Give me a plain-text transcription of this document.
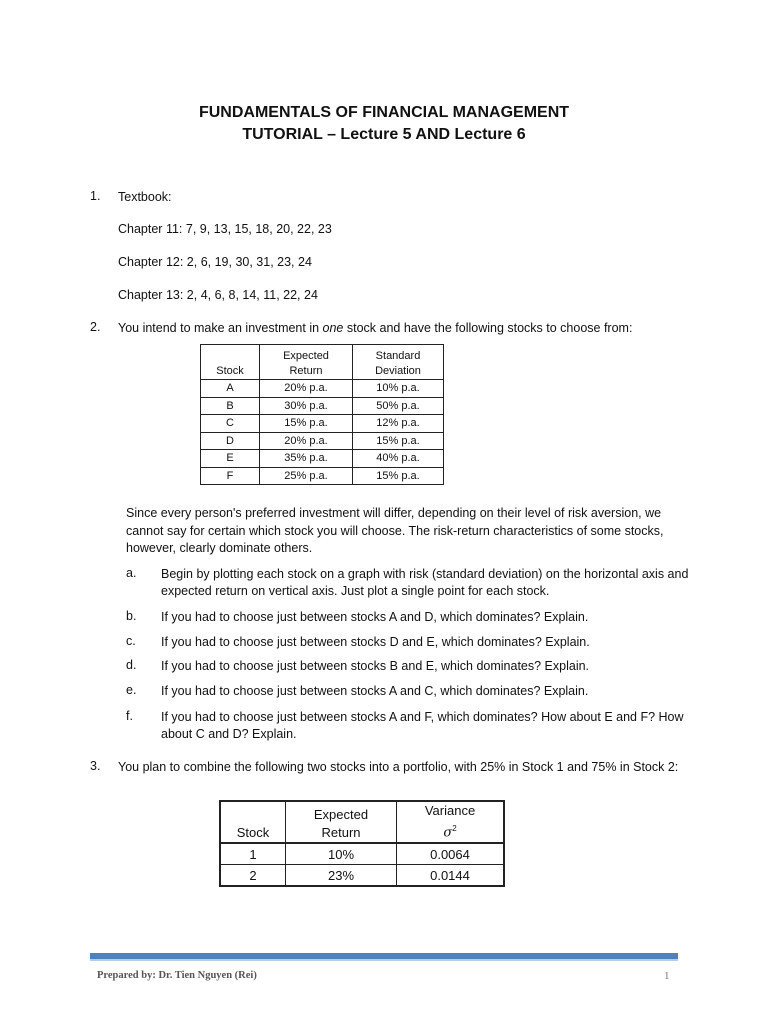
FUNDAMENTALS OF FINANCIAL MANAGEMENT
TUTORIAL – Lecture 5 AND Lecture 6
1. Textbook:
Chapter 11: 7, 9, 13, 15, 18, 20, 22, 23
Chapter 12: 2, 6, 19, 30, 31, 23, 24
Chapter 13: 2, 4, 6, 8, 14, 11, 22, 24
2. You intend to make an investment in one stock and have the following stocks to choose from:
Stock	Expected Return	Standard Deviation
A	20% p.a.	10% p.a.
B	30% p.a.	50% p.a.
C	15% p.a.	12% p.a.
D	20% p.a.	15% p.a.
E	35% p.a.	40% p.a.
F	25% p.a.	15% p.a.
Since every person's preferred investment will differ, depending on their level of risk aversion, we cannot say for certain which stock you will choose. The risk-return characteristics of some stocks, however, clearly dominate others.
a. Begin by plotting each stock on a graph with risk (standard deviation) on the horizontal axis and expected return on vertical axis. Just plot a single point for each stock.
b. If you had to choose just between stocks A and D, which dominates? Explain.
c. If you had to choose just between stocks D and E, which dominates? Explain.
d. If you had to choose just between stocks B and E, which dominates? Explain.
e. If you had to choose just between stocks A and C, which dominates? Explain.
f. If you had to choose just between stocks A and F, which dominates? How about E and F? How about C and D? Explain.
3. You plan to combine the following two stocks into a portfolio, with 25% in Stock 1 and 75% in Stock 2:
Stock	Expected Return	Variance
$\sigma^2$

1	10%	0.0064
2	23%	0.0144
Prepared by: Dr. Tien Nguyen (Rei)	1
